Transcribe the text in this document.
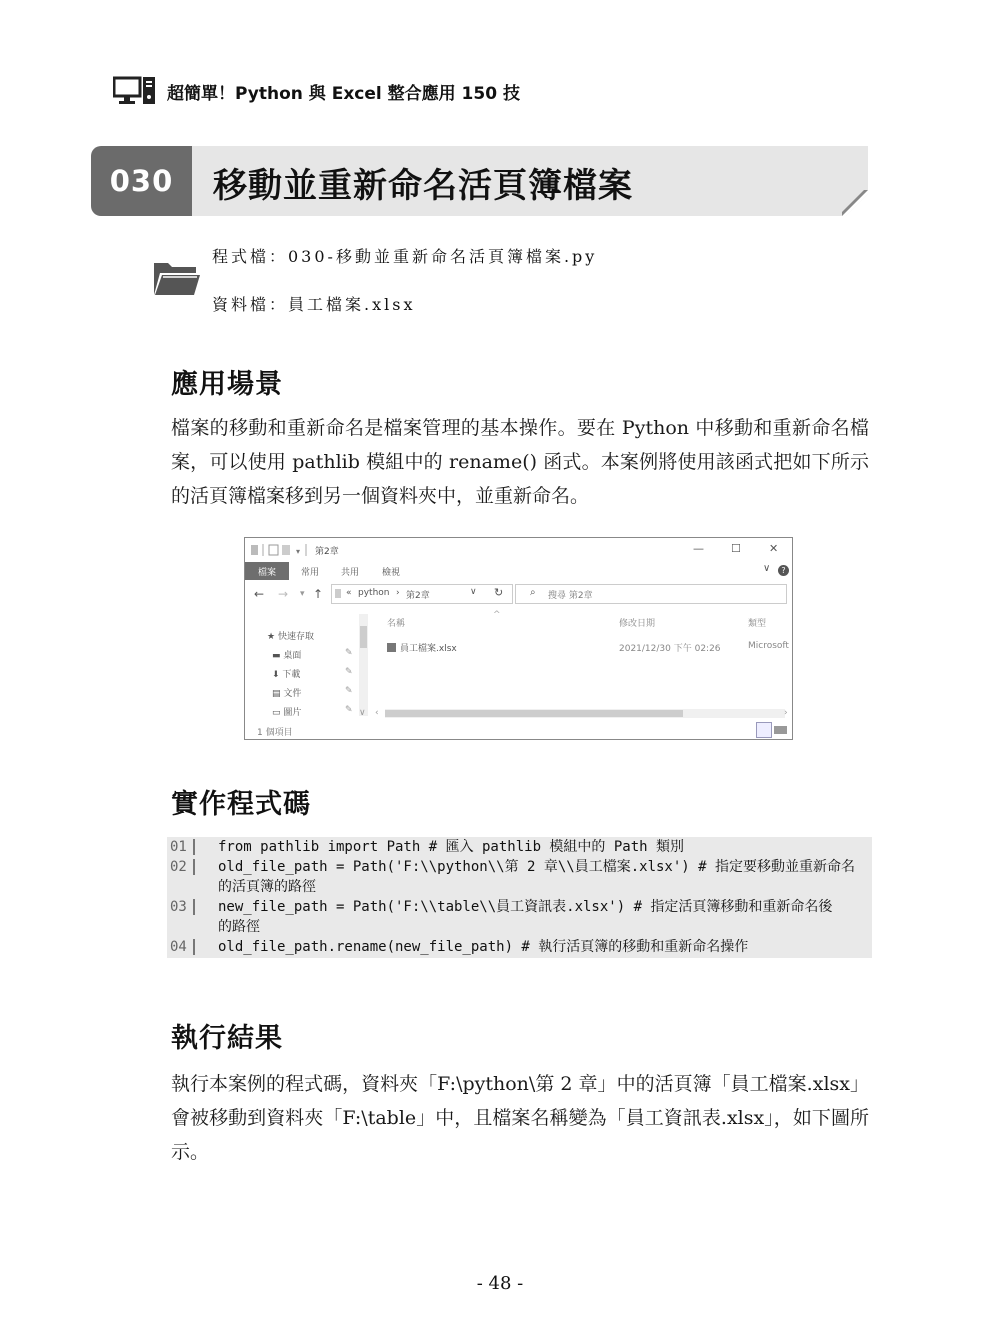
超簡單！Python 與 Excel 整合應用 150 技
030	移動並重新命名活頁簿檔案
程式檔：030-移動並重新命名活頁簿檔案.py
資料檔：員工檔案.xlsx
應用場景
檔案的移動和重新命名是檔案管理的基本操作。要在 Python 中移動和重新命名檔案，可以使用 pathlib 模組中的 rename() 函式。本案例將使用該函式把如下所示的活頁簿檔案移到另一個資料夾中，並重新命名。
▾ 第2章	— ☐	✕
檔案	常用 共用	檢視	∨	?
← → ▾ ↑	« python › 第2章	∨ ↻	⌕ 搜尋 第2章
★ 快速存取
▬ 桌面
⬇ 下載
▤ 文件
▭ 圖片
✎
✎
✎
✎
名稱
^
修改日期	類型
員工檔案.xlsx	2021/12/30 下午 02:26	Microsoft
∨ ‹	›
1 個項目
實作程式碼
01	from pathlib import Path # 匯入 pathlib 模組中的 Path 類別
02	old_file_path = Path('F:\\python\\第 2 章\\員工檔案.xlsx') # 指定要移動並重新命名
的活頁簿的路徑
03	new_file_path = Path('F:\\table\\員工資訊表.xlsx') # 指定活頁簿移動和重新命名後
的路徑
04	old_file_path.rename(new_file_path) # 執行活頁簿的移動和重新命名操作
執行結果
執行本案例的程式碼，資料夾「F:\python\第 2 章」中的活頁簿「員工檔案.xlsx」會被移動到資料夾「F:\table」中，且檔案名稱變為「員工資訊表.xlsx」，如下圖所示。
- 48 -
